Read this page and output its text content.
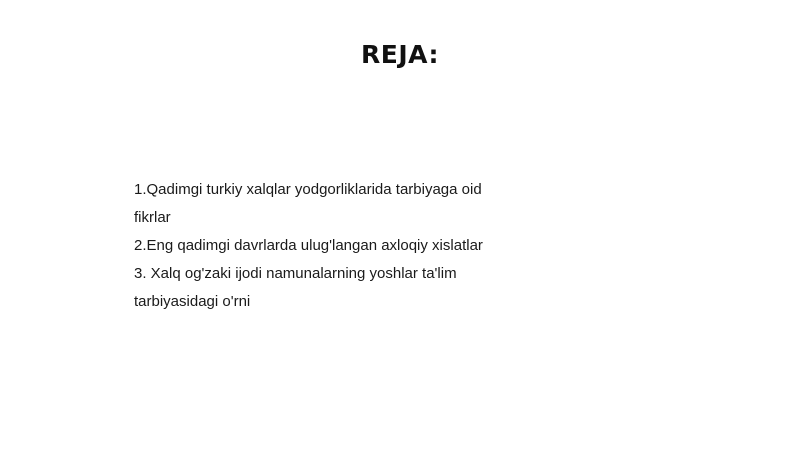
REJA:
1.Qadimgi turkiy xalqlar yodgorliklarida tarbiyaga oid fikrlar
2.Eng qadimgi davrlarda ulug'langan axloqiy xislatlar
3. Xalq og'zaki ijodi namunalarning yoshlar ta'lim tarbiyasidagi o'rni
